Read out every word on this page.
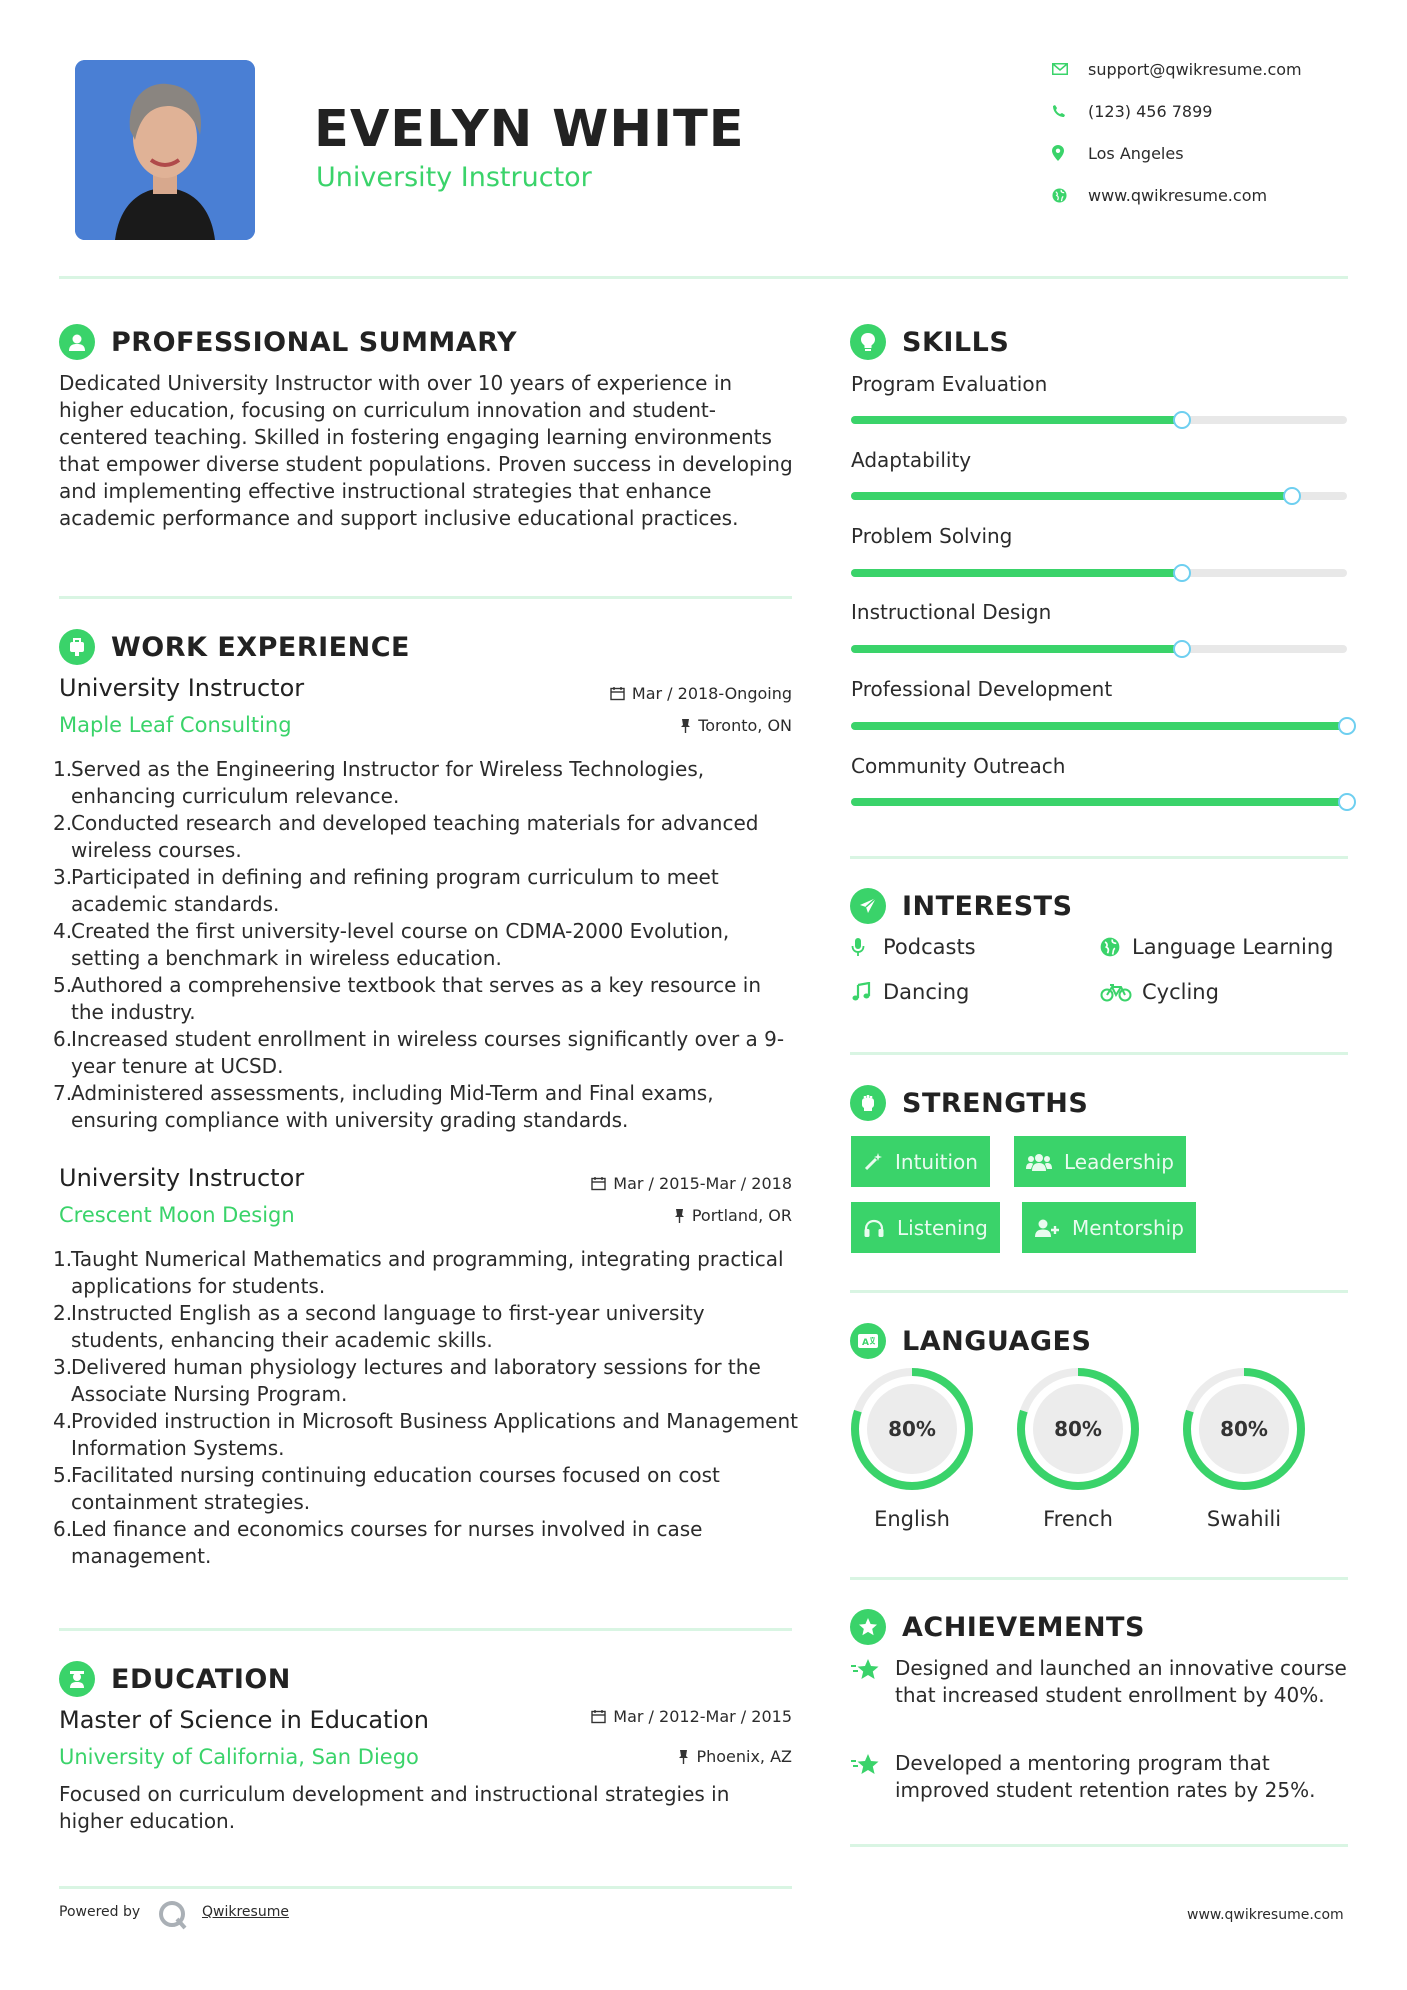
EVELYN WHITE
University Instructor
support@qwikresume.com
(123) 456 7899
Los Angeles
www.qwikresume.com
PROFESSIONAL SUMMARY
Dedicated University Instructor with over 10 years of experience in higher education, focusing on curriculum innovation and student-centered teaching. Skilled in fostering engaging learning environments that empower diverse student populations. Proven success in developing and implementing effective instructional strategies that enhance academic performance and support inclusive educational practices.
WORK EXPERIENCE
University Instructor
Maple Leaf Consulting
Mar / 2018-Ongoing
Toronto, ON
1.
Served as the Engineering Instructor for Wireless Technologies, enhancing curriculum relevance.
2.
Conducted research and developed teaching materials for advanced wireless courses.
3.
Participated in defining and refining program curriculum to meet academic standards.
4.
Created the first university-level course on CDMA-2000 Evolution, setting a benchmark in wireless education.
5.
Authored a comprehensive textbook that serves as a key resource in the industry.
6.
Increased student enrollment in wireless courses significantly over a 9-year tenure at UCSD.
7.
Administered assessments, including Mid-Term and Final exams, ensuring compliance with university grading standards.
University Instructor
Crescent Moon Design
Mar / 2015-Mar / 2018
Portland, OR
1.
Taught Numerical Mathematics and programming, integrating practical applications for students.
2.
Instructed English as a second language to first-year university students, enhancing their academic skills.
3.
Delivered human physiology lectures and laboratory sessions for the Associate Nursing Program.
4.
Provided instruction in Microsoft Business Applications and Management Information Systems.
5.
Facilitated nursing continuing education courses focused on cost containment strategies.
6.
Led finance and economics courses for nurses involved in case management.
EDUCATION
Master of Science in Education
University of California, San Diego
Mar / 2012-Mar / 2015
Phoenix, AZ
Focused on curriculum development and instructional strategies in higher education.
SKILLS
Program Evaluation
Adaptability
Problem Solving
Instructional Design
Professional Development
Community Outreach
INTERESTS
Podcasts	Language Learning
Dancing	Cycling
STRENGTHS
Intuition	Leadership
Listening	Mentorship
A LANGUAGES
80%
English
80%
French
80%
Swahili
ACHIEVEMENTS
Designed and launched an innovative course that increased student enrollment by 40%.
Developed a mentoring program that improved student retention rates by 25%.
Powered by	Qwikresume	www.qwikresume.com
